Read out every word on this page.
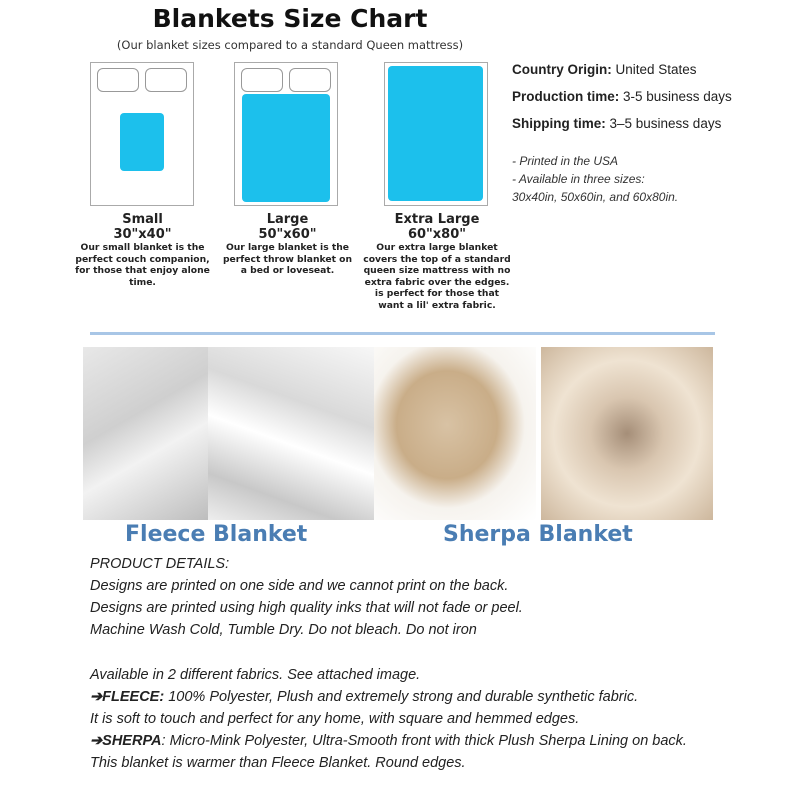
Blankets Size Chart
(Our blanket sizes compared to a standard Queen mattress)
Small
30"x40"
Our small blanket is the perfect couch companion, for those that enjoy alone time.
Large
50"x60"
Our large blanket is the perfect throw blanket on a bed or loveseat.
Extra Large
60"x80"
Our extra large blanket covers the top of a standard queen size mattress with no extra fabric over the edges. is perfect for those that want a lil' extra fabric.
Country Origin: United States
Production time: 3-5 business days
Shipping time: 3–5 business days
- Printed in the USA
- Available in three sizes:
30x40in, 50x60in, and 60x80in.
Fleece Blanket	Sherpa Blanket
PRODUCT DETAILS:
Designs are printed on one side and we cannot print on the back.
Designs are printed using high quality inks that will not fade or peel.
Machine Wash Cold, Tumble Dry. Do not bleach. Do not iron
Available in 2 different fabrics. See attached image.
➔FLEECE: 100% Polyester, Plush and extremely strong and durable synthetic fabric.
It is soft to touch and perfect for any home, with square and hemmed edges.
➔SHERPA: Micro-Mink Polyester, Ultra-Smooth front with thick Plush Sherpa Lining on back.
This blanket is warmer than Fleece Blanket. Round edges.
